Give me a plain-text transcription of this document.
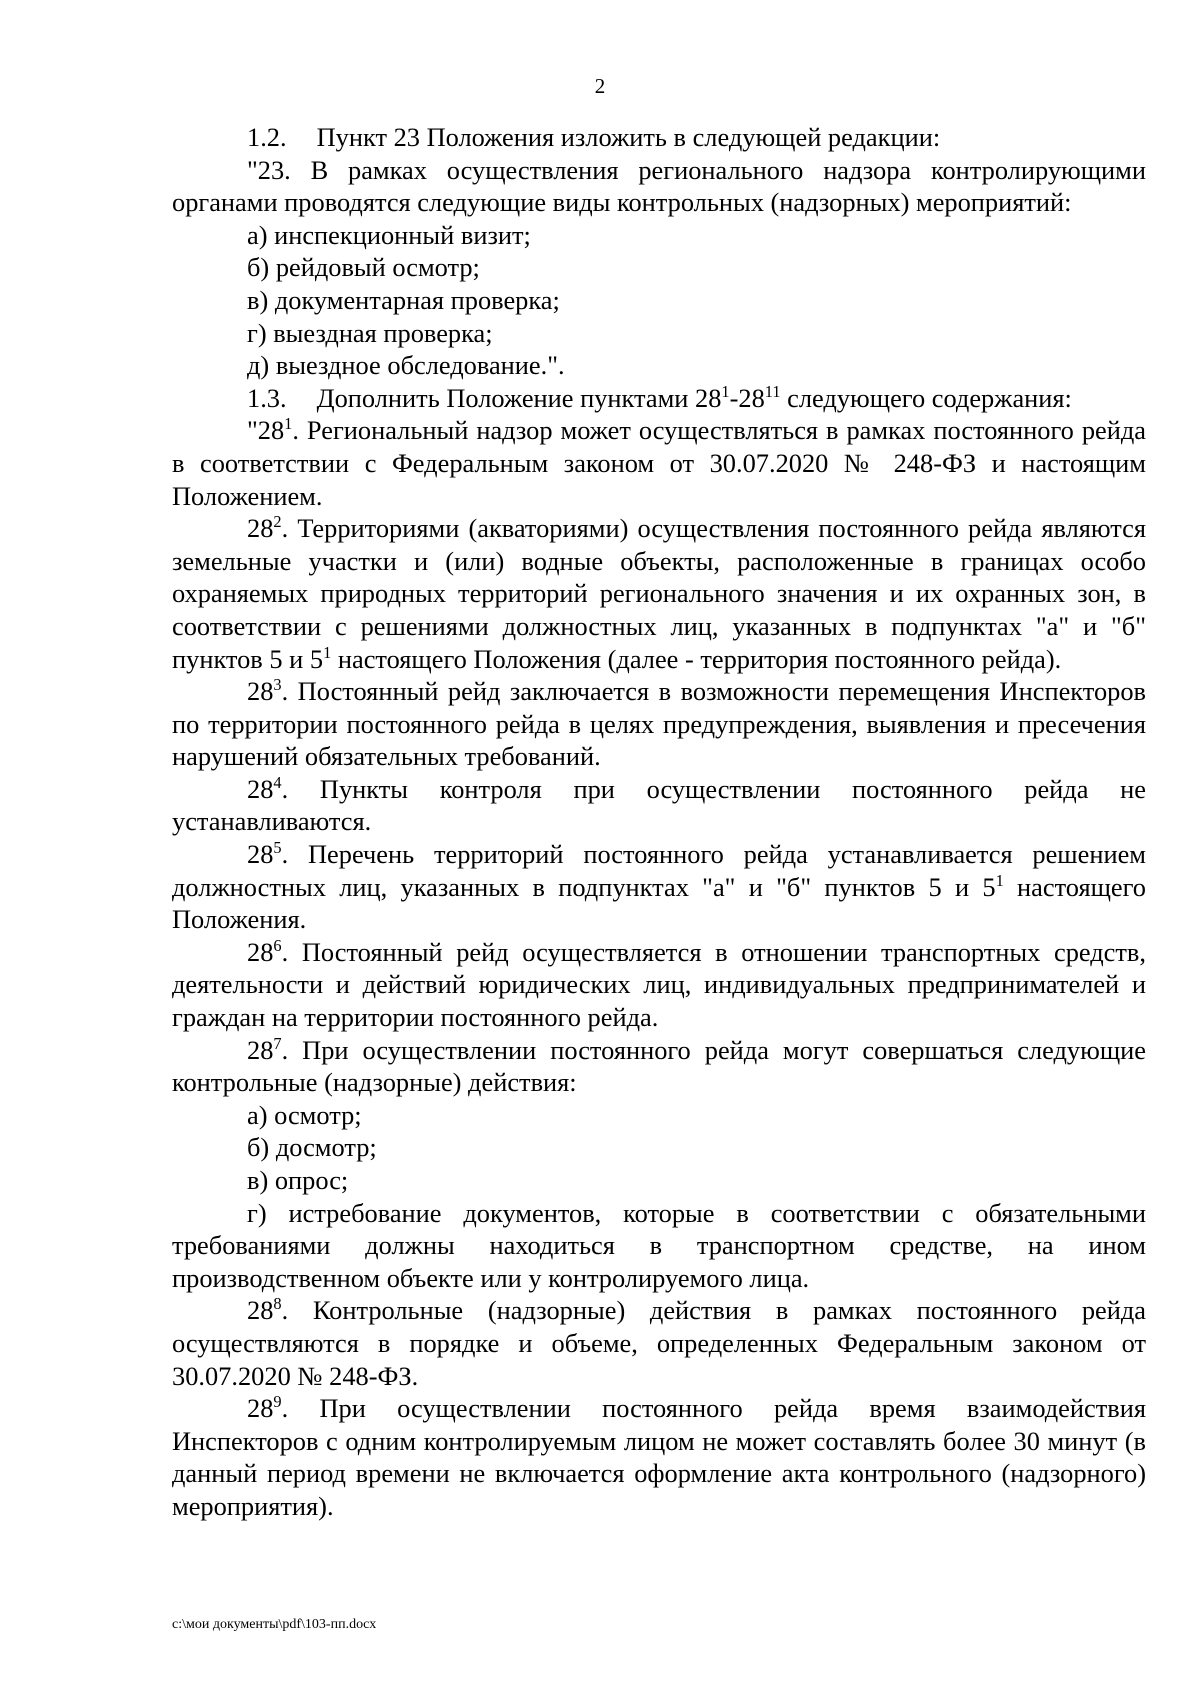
2

1.2. Пункт 23 Положения изложить в следующей редакции:

"23. В рамках осуществления регионального надзора контролирующими органами проводятся следующие виды контрольных (надзорных) мероприятий:

а) инспекционный визит;

б) рейдовый осмотр;

в) документарная проверка;

г) выездная проверка;

д) выездное обследование.".

1.3. Дополнить Положение пунктами $28^1-28^{11}$ следующего содержания:

"$28^1$. Региональный надзор может осуществляться в рамках постоянного рейда в соответствии с Федеральным законом от 30.07.2020 № 248-ФЗ и настоящим Положением.

$28^2$. Территориями (акваториями) осуществления постоянного рейда являются земельные участки и (или) водные объекты, расположенные в границах особо охраняемых природных территорий регионального значения и их охранных зон, в соответствии с решениями должностных лиц, указанных в подпунктах "а" и "б" пунктов 5 и $5^1$ настоящего Положения (далее - территория постоянного рейда).

$28^3$. Постоянный рейд заключается в возможности перемещения Инспекторов по территории постоянного рейда в целях предупреждения, выявления и пресечения нарушений обязательных требований.

$28^4$. Пункты контроля при осуществлении постоянного рейда не устанавливаются.

$28^5$. Перечень территорий постоянного рейда устанавливается решением должностных лиц, указанных в подпунктах "а" и "б" пунктов 5 и $5^1$ настоящего Положения.

$28^6$. Постоянный рейд осуществляется в отношении транспортных средств, деятельности и действий юридических лиц, индивидуальных предпринимателей и граждан на территории постоянного рейда.

$28^7$. При осуществлении постоянного рейда могут совершаться следующие контрольные (надзорные) действия:

а) осмотр;

б) досмотр;

в) опрос;

г) истребование документов, которые в соответствии с обязательными требованиями должны находиться в транспортном средстве, на ином производственном объекте или у контролируемого лица.

$28^8$. Контрольные (надзорные) действия в рамках постоянного рейда осуществляются в порядке и объеме, определенных Федеральным законом от 30.07.2020 № 248-ФЗ.

$28^9$. При осуществлении постоянного рейда время взаимодействия Инспекторов с одним контролируемым лицом не может составлять более 30 минут (в данный период времени не включается оформление акта контрольного (надзорного) мероприятия).

c:\мои документы\pdf\103-пп.docx
